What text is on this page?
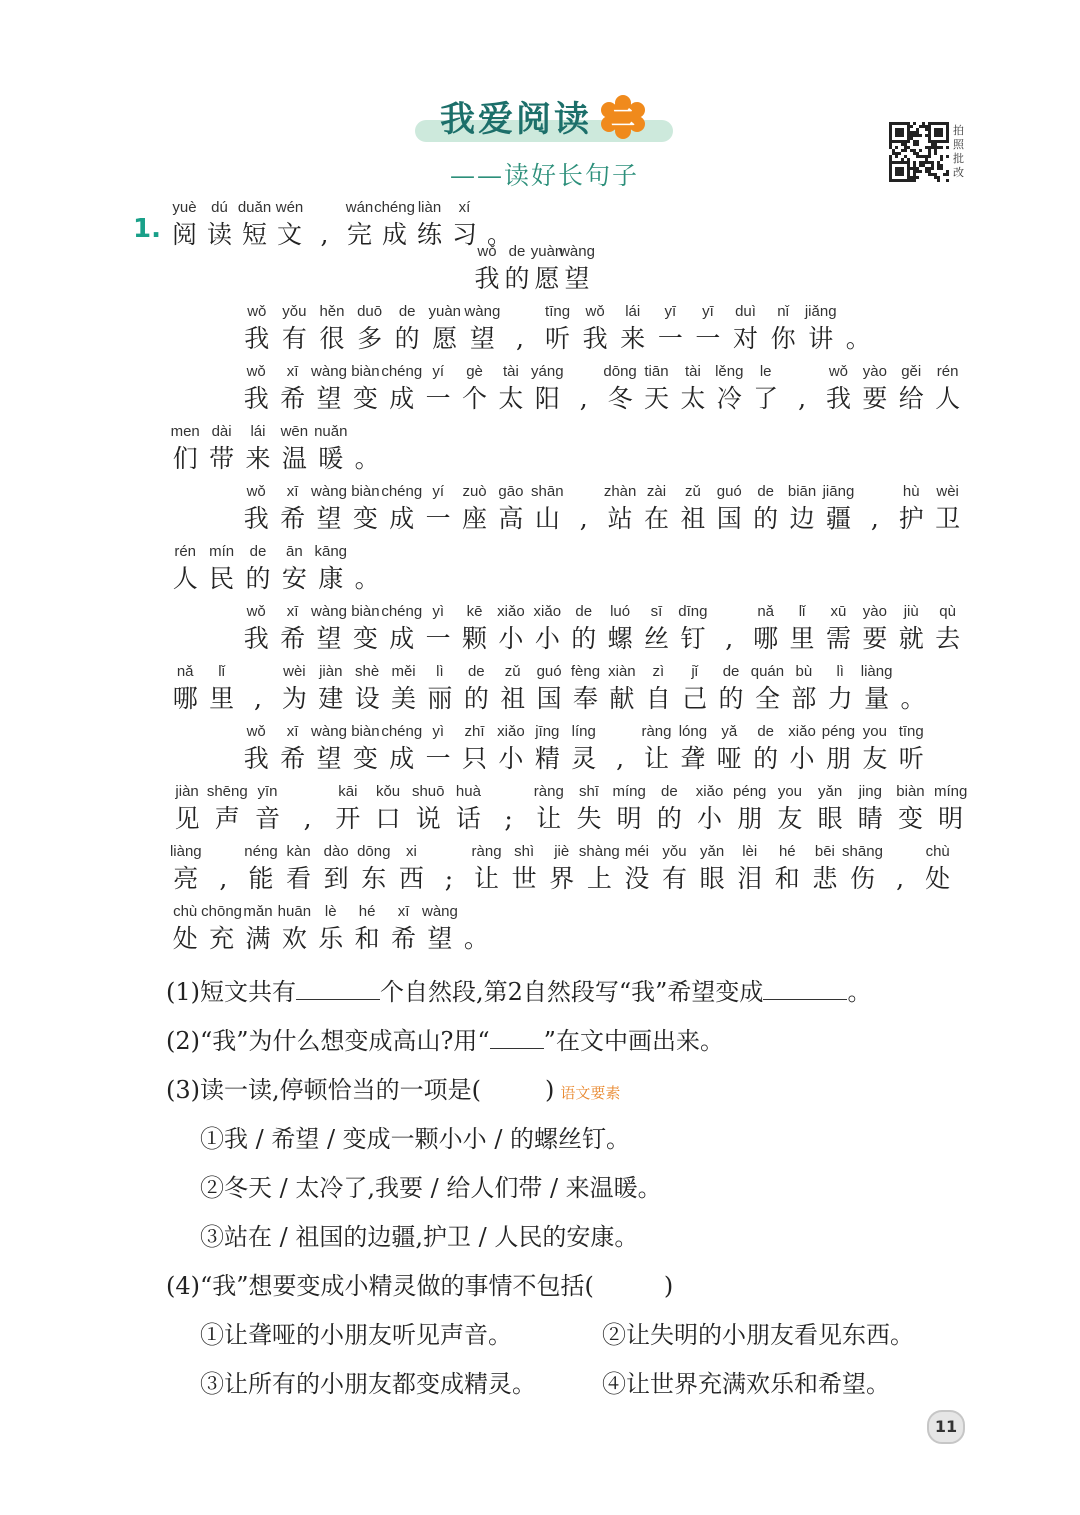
我爱阅读 二
——读好长句子
拍
照
批
改
1.
yuè
阅
dú
读
duǎn
短
wén
文 ,
wán
完
chéng
成
liàn
练
xí
习 。
wǒ
我
de
的
yuàn
愿
wàng
望
wǒ
我
yǒu
有
hěn
很
duō
多
de
的
yuàn
愿
wàng
望 ,
tīng
听
wǒ
我
lái
来
yī
一
yī
一
duì
对
nǐ
你
jiǎng
讲 。
wǒ
我
xī
希
wàng
望
biàn
变
chéng
成
yí
一
gè
个
tài
太
yáng
阳 ,
dōng
冬
tiān
天
tài
太
lěng
冷
le
了 ,
wǒ
我
yào
要
gěi
给
rén
人
men
们
dài
带
lái
来
wēn
温
nuǎn
暖 。
wǒ
我
xī
希
wàng
望
biàn
变
chéng
成
yí
一
zuò
座
gāo
高
shān
山 ,
zhàn
站
zài
在
zǔ
祖
guó
国
de
的
biān
边
jiāng
疆 ,
hù
护
wèi
卫
rén
人
mín
民
de
的
ān
安
kāng
康 。
wǒ
我
xī
希
wàng
望
biàn
变
chéng
成
yì
一
kē
颗
xiǎo
小
xiǎo
小
de
的
luó
螺
sī
丝
dīng
钉 ,
nǎ
哪
lǐ
里
xū
需
yào
要
jiù
就
qù
去
nǎ
哪
lǐ
里 ,
wèi
为
jiàn
建
shè
设
měi
美
lì
丽
de
的
zǔ
祖
guó
国
fèng
奉
xiàn
献
zì
自
jǐ
己
de
的
quán
全
bù
部
lì
力
liàng
量 。
wǒ
我
xī
希
wàng
望
biàn
变
chéng
成
yì
一
zhī
只
xiǎo
小
jīng
精
líng
灵 ,
ràng
让
lóng
聋
yǎ
哑
de
的
xiǎo
小
péng
朋
you
友
tīng
听
jiàn
见
shēng
声
yīn
音 ,
kāi
开
kǒu
口
shuō
说
huà
话 ;
ràng
让
shī
失
míng
明
de
的
xiǎo
小
péng
朋
you
友
yǎn
眼
jing
睛
biàn
变
míng
明
liàng
亮 ,
néng
能
kàn
看
dào
到
dōng
东
xi
西 ;
ràng
让
shì
世
jiè
界
shàng
上
méi
没
yǒu
有
yǎn
眼
lèi
泪
hé
和
bēi
悲
shāng
伤 ,
chù
处
chù
处
chōng
充
mǎn
满
huān
欢
lè
乐
hé
和
xī
希
wàng
望 。
(1)短文共有	个自然段,第2自然段写“我”希望变成	。
(2)“我”为什么想变成高山?用“ ”在文中画出来。
(3)读一读,停顿恰当的一项是(	) 语文要素
①我 / 希望 / 变成一颗小小 / 的螺丝钉。
②冬天 / 太冷了,我要 / 给人们带 / 来温暖。
③站在 / 祖国的边疆,护卫 / 人民的安康。
(4)“我”想要变成小精灵做的事情不包括(	)
①让聋哑的小朋友听见声音。	②让失明的小朋友看见东西。
③让所有的小朋友都变成精灵。	④让世界充满欢乐和希望。
11
